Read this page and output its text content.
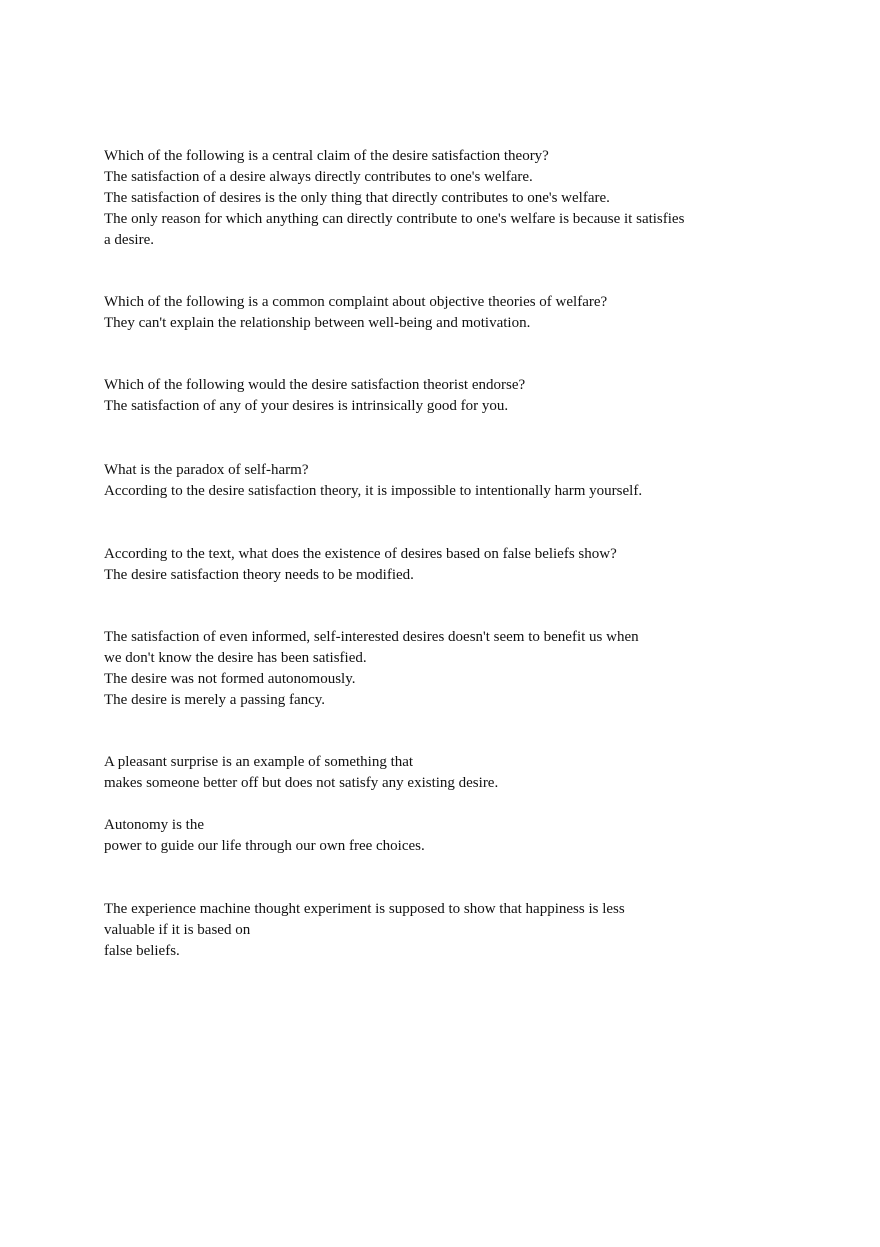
Which of the following is a central claim of the desire satisfaction theory?
The satisfaction of a desire always directly contributes to one's welfare.
The satisfaction of desires is the only thing that directly contributes to one's welfare.
The only reason for which anything can directly contribute to one's welfare is because it satisfies
a desire.
Which of the following is a common complaint about objective theories of welfare?
They can't explain the relationship between well-being and motivation.
Which of the following would the desire satisfaction theorist endorse?
The satisfaction of any of your desires is intrinsically good for you.
What is the paradox of self-harm?
According to the desire satisfaction theory, it is impossible to intentionally harm yourself.
According to the text, what does the existence of desires based on false beliefs show?
The desire satisfaction theory needs to be modified.
The satisfaction of even informed, self-interested desires doesn't seem to benefit us when
we don't know the desire has been satisfied.
The desire was not formed autonomously.
The desire is merely a passing fancy.
A pleasant surprise is an example of something that
makes someone better off but does not satisfy any existing desire.
Autonomy is the
power to guide our life through our own free choices.
The experience machine thought experiment is supposed to show that happiness is less
valuable if it is based on
false beliefs.
